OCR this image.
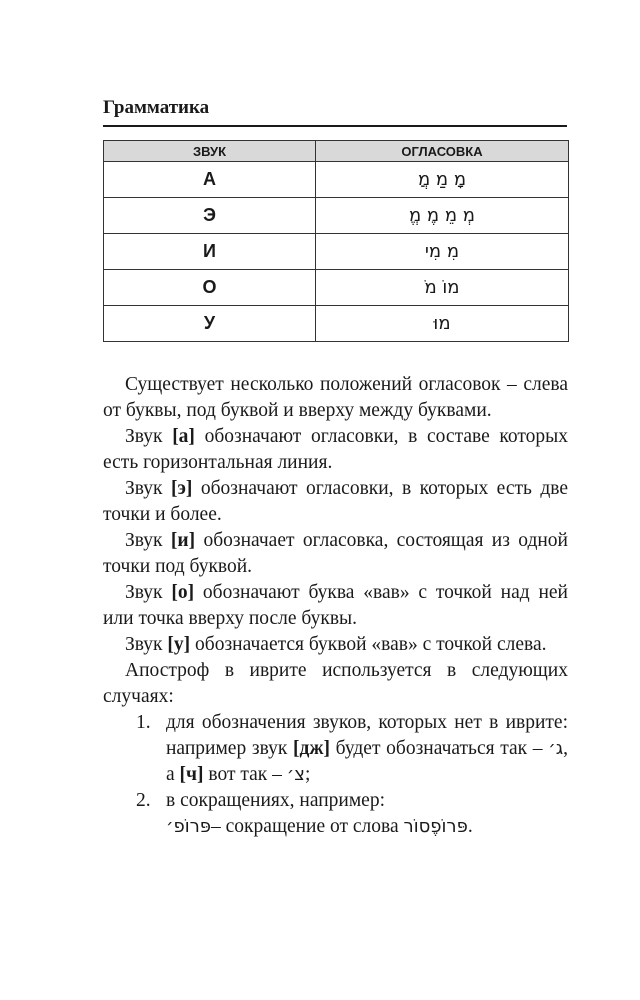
Грамматика
ЗВУК	ОГЛАСОВКА
А	מָ מַ מֲ
Э	מְ מֵ מֶ מֱ
И	מִ מִי
О	מוֹ מֹ
У	מוּ

Существует несколько положений огласовок – слева от буквы, под буквой и вверху между буквами.

Звук [а] обозначают огласовки, в составе которых есть горизонтальная линия.

Звук [э] обозначают огласовки, в которых есть две точки и более.

Звук [и] обозначает огласовка, состоящая из одной точки под буквой.

Звук [о] обозначают буква «вав» с точкой над ней или точка вверху после буквы.

Звук [у] обозначается буквой «вав» с точкой слева.

Апостроф в иврите используется в следующих случаях:

1. для обозначения звуков, которых нет в иврите: например звук [дж] будет обозначаться так – ג׳, а [ч] вот так – צ׳;
2. в сокращениях, например:
פּרוֹפ׳– сокращение от слова פּרוֹפֶסוֹר.
